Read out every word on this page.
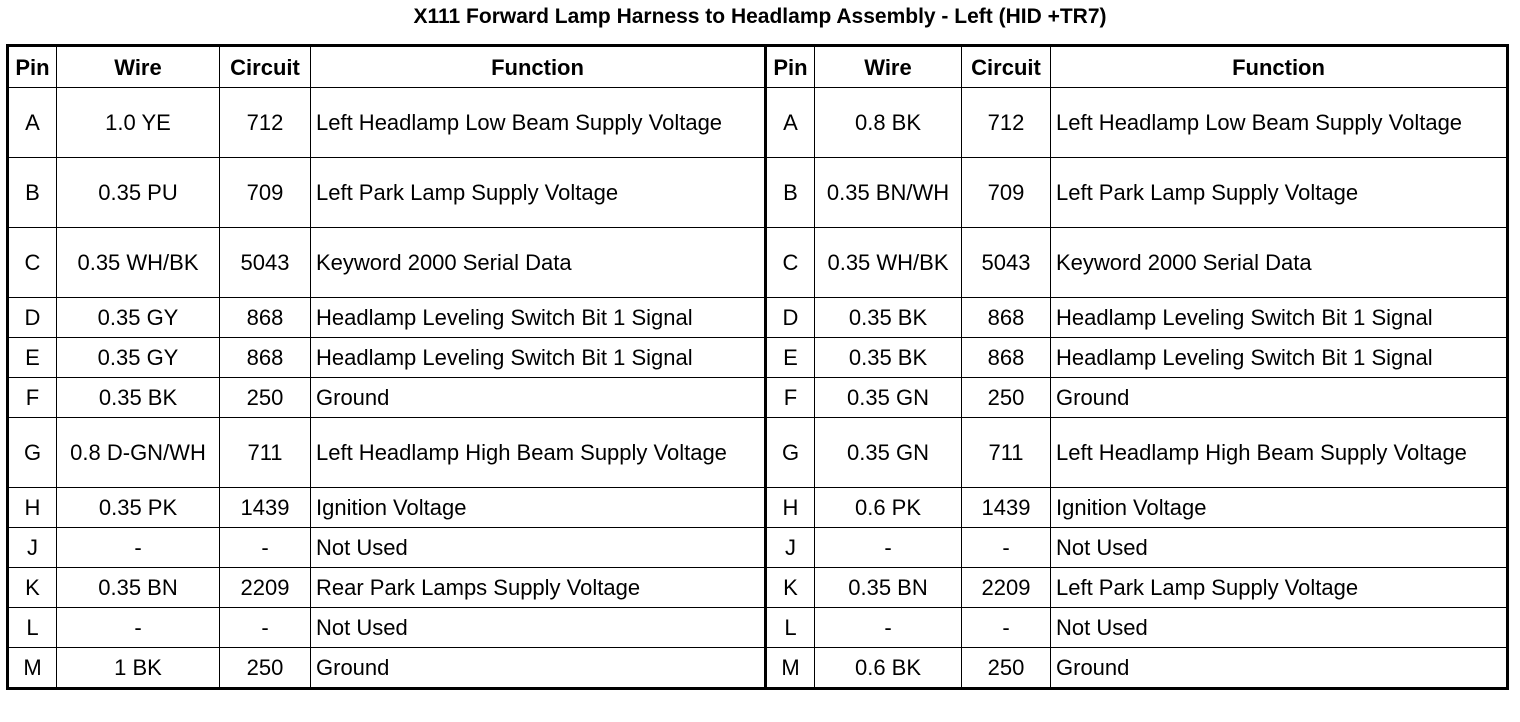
X111 Forward Lamp Harness to Headlamp Assembly - Left (HID +TR7)
Pin	Wire	Circuit	Function	Pin	Wire	Circuit	Function
A	1.0 YE	712	Left Headlamp Low Beam Supply Voltage	A	0.8 BK	712	Left Headlamp Low Beam Supply Voltage
B	0.35 PU	709	Left Park Lamp Supply Voltage	B	0.35 BN/WH	709	Left Park Lamp Supply Voltage
C	0.35 WH/BK	5043	Keyword 2000 Serial Data	C	0.35 WH/BK	5043	Keyword 2000 Serial Data
D	0.35 GY	868	Headlamp Leveling Switch Bit 1 Signal	D	0.35 BK	868	Headlamp Leveling Switch Bit 1 Signal
E	0.35 GY	868	Headlamp Leveling Switch Bit 1 Signal	E	0.35 BK	868	Headlamp Leveling Switch Bit 1 Signal
F	0.35 BK	250	Ground	F	0.35 GN	250	Ground
G	0.8 D-GN/WH	711	Left Headlamp High Beam Supply Voltage	G	0.35 GN	711	Left Headlamp High Beam Supply Voltage
H	0.35 PK	1439	Ignition Voltage	H	0.6 PK	1439	Ignition Voltage
J	-	-	Not Used	J	-	-	Not Used
K	0.35 BN	2209	Rear Park Lamps Supply Voltage	K	0.35 BN	2209	Left Park Lamp Supply Voltage
L	-	-	Not Used	L	-	-	Not Used
M	1 BK	250	Ground	M	0.6 BK	250	Ground
